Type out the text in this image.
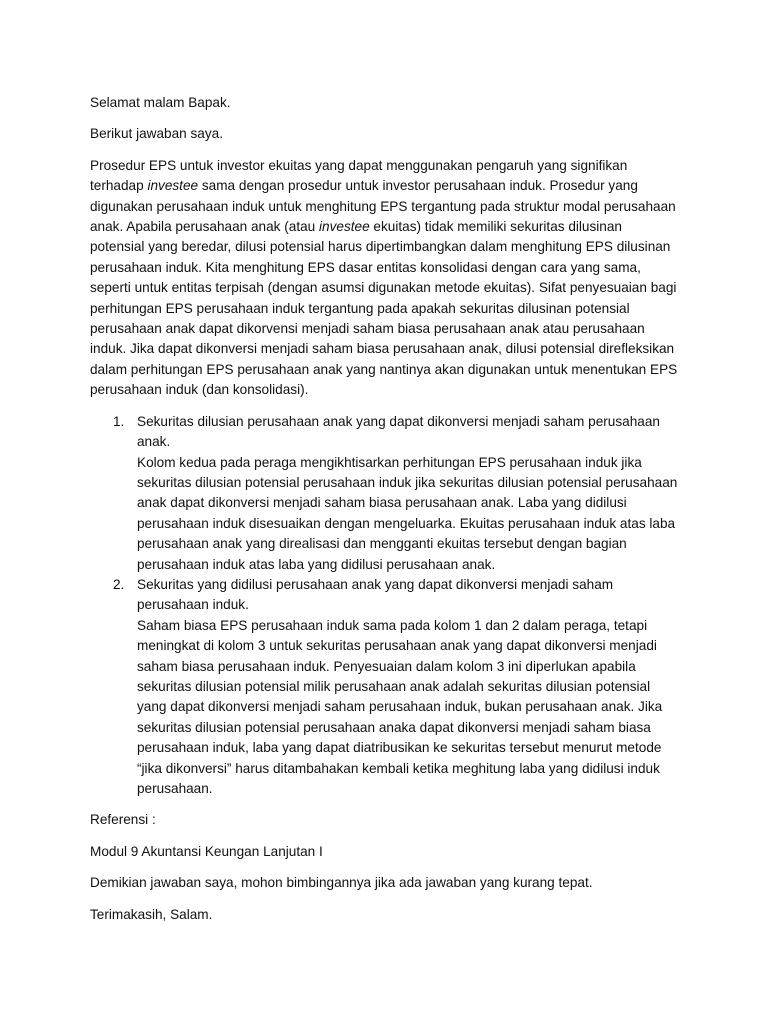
Selamat malam Bapak.

Berikut jawaban saya.

Prosedur EPS untuk investor ekuitas yang dapat menggunakan pengaruh yang signifikan terhadap investee sama dengan prosedur untuk investor perusahaan induk. Prosedur yang digunakan perusahaan induk untuk menghitung EPS tergantung pada struktur modal perusahaan anak. Apabila perusahaan anak (atau investee ekuitas) tidak memiliki sekuritas dilusinan potensial yang beredar, dilusi potensial harus dipertimbangkan dalam menghitung EPS dilusinan perusahaan induk. Kita menghitung EPS dasar entitas konsolidasi dengan cara yang sama, seperti untuk entitas terpisah (dengan asumsi digunakan metode ekuitas). Sifat penyesuaian bagi perhitungan EPS perusahaan induk tergantung pada apakah sekuritas dilusinan potensial perusahaan anak dapat dikorvensi menjadi saham biasa perusahaan anak atau perusahaan induk. Jika dapat dikonversi menjadi saham biasa perusahaan anak, dilusi potensial direfleksikan dalam perhitungan EPS perusahaan anak yang nantinya akan digunakan untuk menentukan EPS perusahaan induk (dan konsolidasi).

1. Sekuritas dilusian perusahaan anak yang dapat dikonversi menjadi saham perusahaan anak.
Kolom kedua pada peraga mengikhtisarkan perhitungan EPS perusahaan induk jika sekuritas dilusian potensial perusahaan induk jika sekuritas dilusian potensial perusahaan anak dapat dikonversi menjadi saham biasa perusahaan anak. Laba yang didilusi perusahaan induk disesuaikan dengan mengeluarka. Ekuitas perusahaan induk atas laba perusahaan anak yang direalisasi dan mengganti ekuitas tersebut dengan bagian perusahaan induk atas laba yang didilusi perusahaan anak.
2. Sekuritas yang didilusi perusahaan anak yang dapat dikonversi menjadi saham perusahaan induk.
Saham biasa EPS perusahaan induk sama pada kolom 1 dan 2 dalam peraga, tetapi meningkat di kolom 3 untuk sekuritas perusahaan anak yang dapat dikonversi menjadi saham biasa perusahaan induk. Penyesuaian dalam kolom 3 ini diperlukan apabila sekuritas dilusian potensial milik perusahaan anak adalah sekuritas dilusian potensial yang dapat dikonversi menjadi saham perusahaan induk, bukan perusahaan anak. Jika sekuritas dilusian potensial perusahaan anaka dapat dikonversi menjadi saham biasa perusahaan induk, laba yang dapat diatribusikan ke sekuritas tersebut menurut metode “jika dikonversi” harus ditambahakan kembali ketika meghitung laba yang didilusi induk perusahaan.

Referensi :

Modul 9 Akuntansi Keungan Lanjutan I

Demikian jawaban saya, mohon bimbingannya jika ada jawaban yang kurang tepat.

Terimakasih, Salam.
